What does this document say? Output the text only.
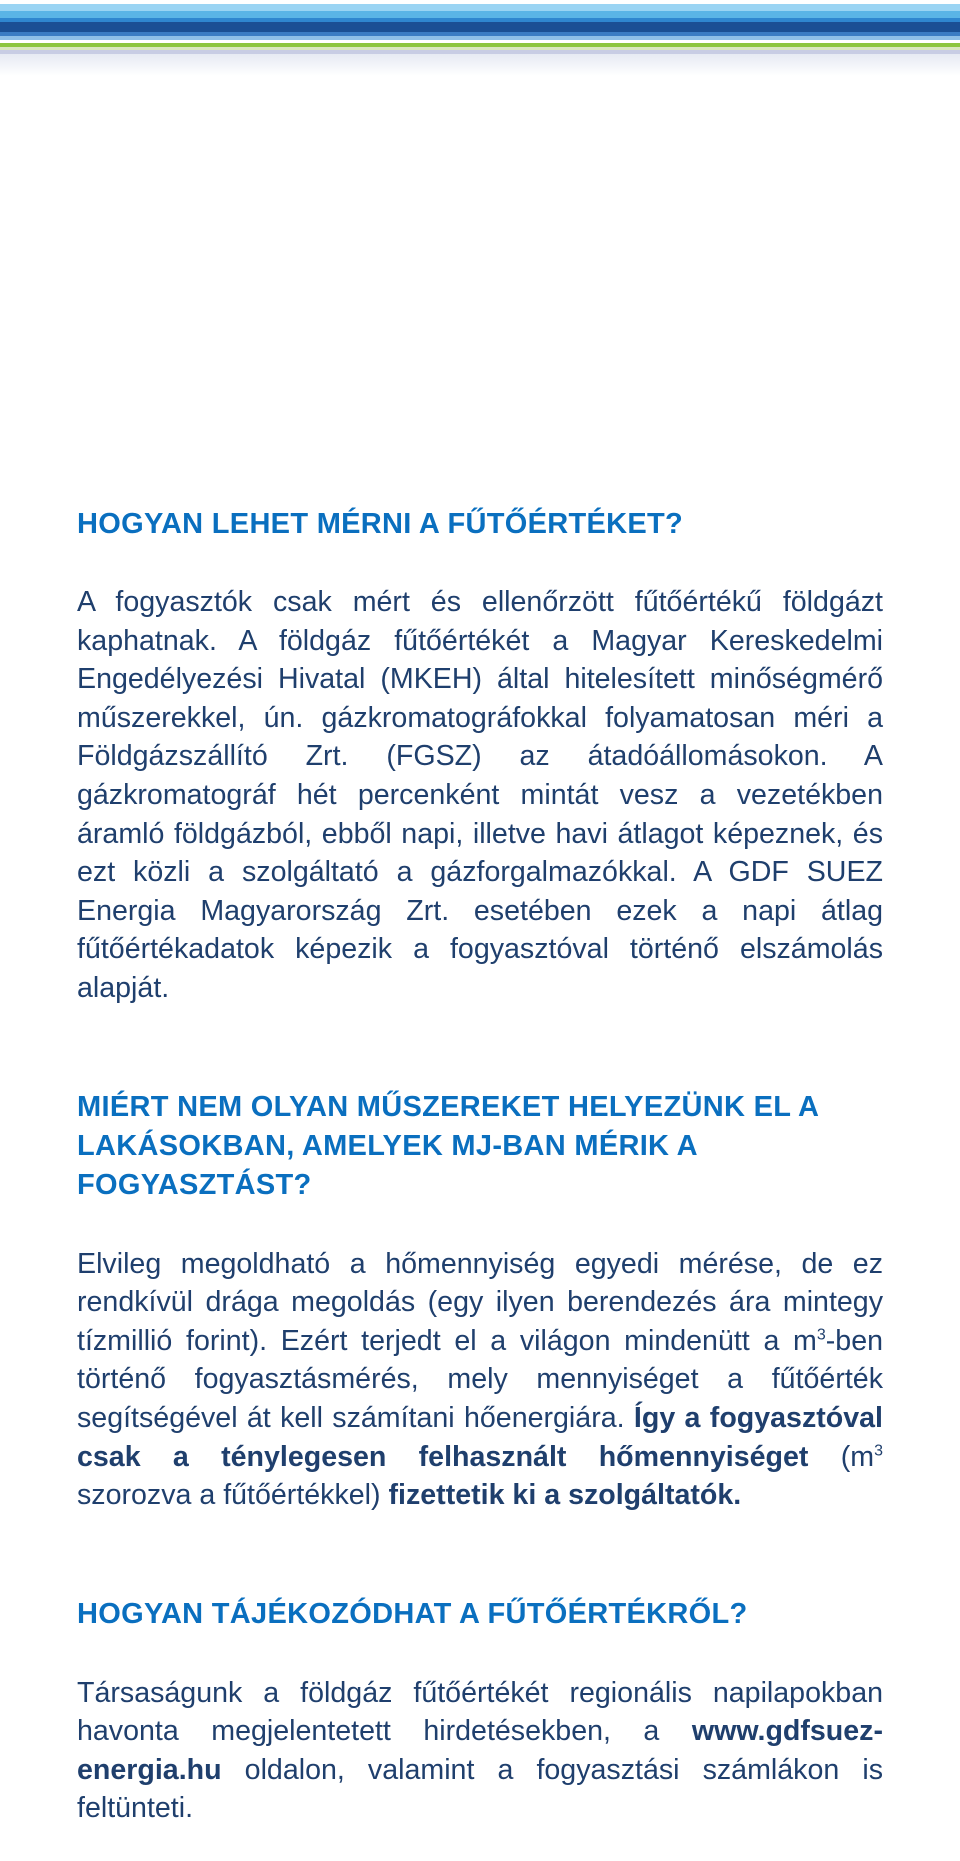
HOGYAN LEHET MÉRNI A FŰTŐÉRTÉKET?

A fogyasztók csak mért és ellenőrzött fűtőértékű földgázt kaphatnak. A földgáz fűtőértékét a Magyar Kereskedelmi Engedélyezési Hivatal (MKEH) által hitelesített minőségmérő műszerekkel, ún. gázkromatográfokkal folyamatosan méri a Földgázszállító Zrt. (FGSZ) az átadóállomásokon. A gázkromatográf hét percenként mintát vesz a vezetékben áramló földgázból, ebből napi, illetve havi átlagot képeznek, és ezt közli a szolgáltató a gázforgalmazókkal. A GDF SUEZ Energia Magyarország Zrt. esetében ezek a napi átlag fűtőértékadatok képezik a fogyasztóval történő elszámolás alapját.

MIÉRT NEM OLYAN MŰSZEREKET HELYEZÜNK EL A LAKÁSOKBAN, AMELYEK MJ-BAN MÉRIK A FOGYASZTÁST?

Elvileg megoldható a hőmennyiség egyedi mérése, de ez rendkívül drága megoldás (egy ilyen berendezés ára mintegy tízmillió forint). Ezért terjedt el a világon mindenütt a $m^3$-ben történő fogyasztásmérés, mely mennyiséget a fűtőérték segítségével át kell számítani hőenergiára. Így a fogyasztóval csak a ténylegesen felhasznált hőmennyiséget ($m^3$ szorozva a fűtőértékkel) fizettetik ki a szolgáltatók.

HOGYAN TÁJÉKOZÓDHAT A FŰTŐÉRTÉKRŐL?

Társaságunk a földgáz fűtőértékét regionális napilapokban havonta megjelentetett hirdetésekben, a www.gdfsuez-energia.hu oldalon, valamint a fogyasztási számlákon is feltünteti.
